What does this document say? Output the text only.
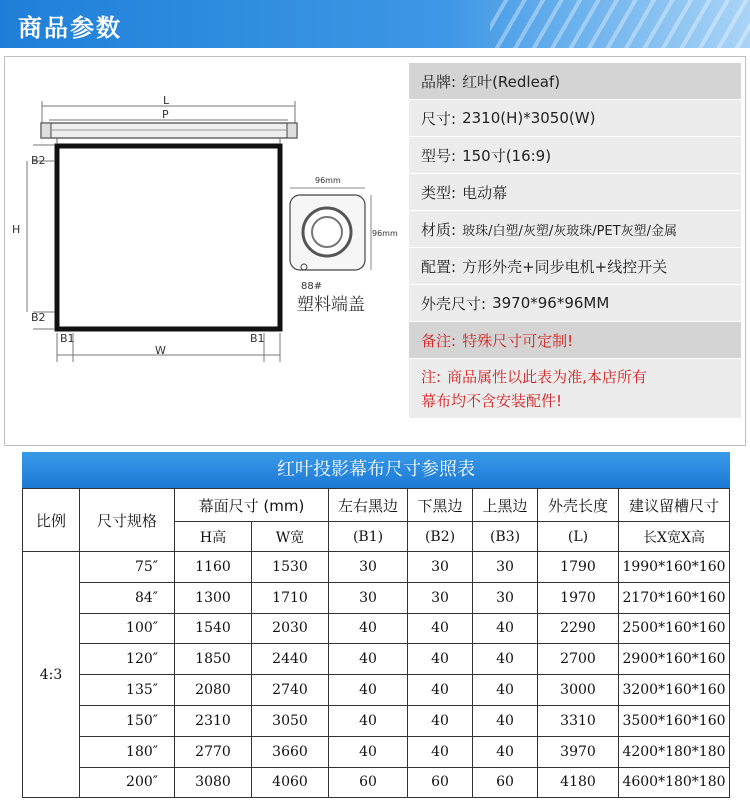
商品参数
L
P
B2
H
B2
B1
W
B1
96mm
96mm
88#
塑料端盖
品牌: 红叶(Redleaf)
尺寸: 2310(H)*3050(W)
型号: 150寸(16:9)
类型: 电动幕
材质: 玻珠/白塑/灰塑/灰玻珠/PET灰塑/金属
配置: 方形外壳+同步电机+线控开关
外壳尺寸: 3970*96*96MM
备注: 特殊尺寸可定制!
注: 商品属性以此表为准,本店所有
幕布均不含安装配件!
红叶投影幕布尺寸参照表
比例	尺寸规格	幕面尺寸 (mm)		左右黑边	下黑边	上黑边	外壳长度	建议留槽尺寸
		H高	W宽	(B1)	(B2)	(B3)	(L)	长X宽X高
4:3	75″	1160	1530	30	30	30	1790	1990*160*160
	84″	1300	1710	30	30	30	1970	2170*160*160
	100″	1540	2030	40	40	40	2290	2500*160*160
	120″	1850	2440	40	40	40	2700	2900*160*160
	135″	2080	2740	40	40	40	3000	3200*160*160
	150″	2310	3050	40	40	40	3310	3500*160*160
	180″	2770	3660	40	40	40	3970	4200*180*180
	200″	3080	4060	60	60	60	4180	4600*180*180
